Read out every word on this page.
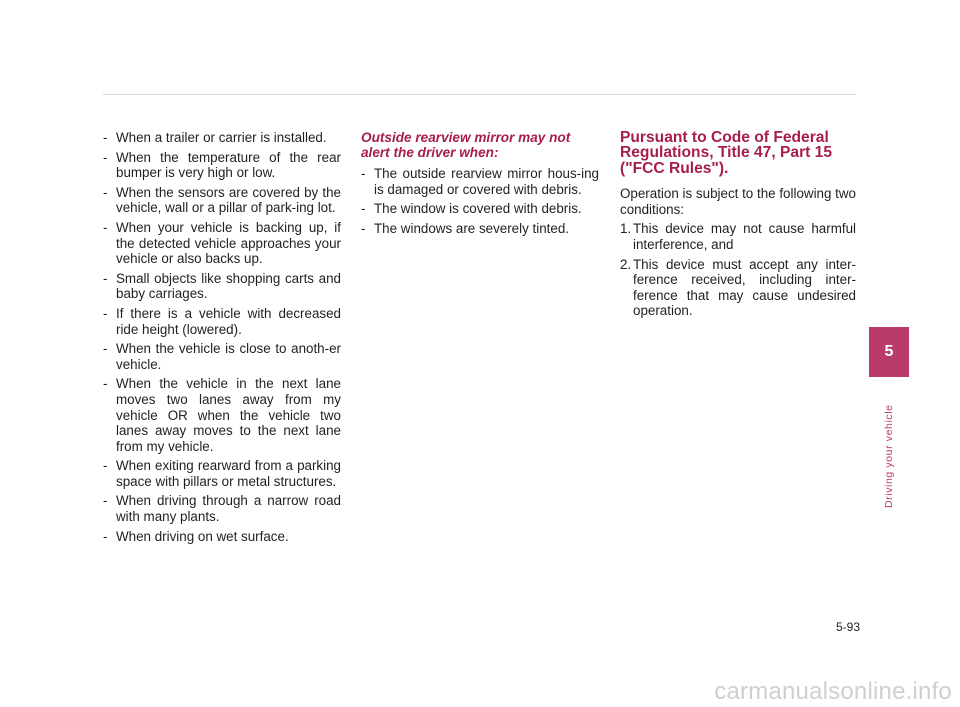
- When a trailer or carrier is installed.
- When the temperature of the rear bumper is very high or low.
- When the sensors are covered by the vehicle, wall or a pillar of park-ing lot.
- When your vehicle is backing up, if the detected vehicle approaches your vehicle or also backs up.
- Small objects like shopping carts and baby carriages.
- If there is a vehicle with decreased ride height (lowered).
- When the vehicle is close to anoth-er vehicle.
- When the vehicle in the next lane moves two lanes away from my vehicle OR when the vehicle two lanes away moves to the next lane from my vehicle.
- When exiting rearward from a parking space with pillars or metal structures.
- When driving through a narrow road with many plants.
- When driving on wet surface.
Outside rearview mirror may not alert the driver when:
- The outside rearview mirror hous-ing is damaged or covered with debris.
- The window is covered with debris.
- The windows are severely tinted.
Pursuant to Code of Federal Regulations, Title 47, Part 15 ("FCC Rules").

Operation is subject to the following two conditions:

1. This device may not cause harmful interference, and
2. This device must accept any inter-ference received, including inter-ference that may cause undesired operation.
5
Driving your vehicle
5-93
carmanualsonline.info
